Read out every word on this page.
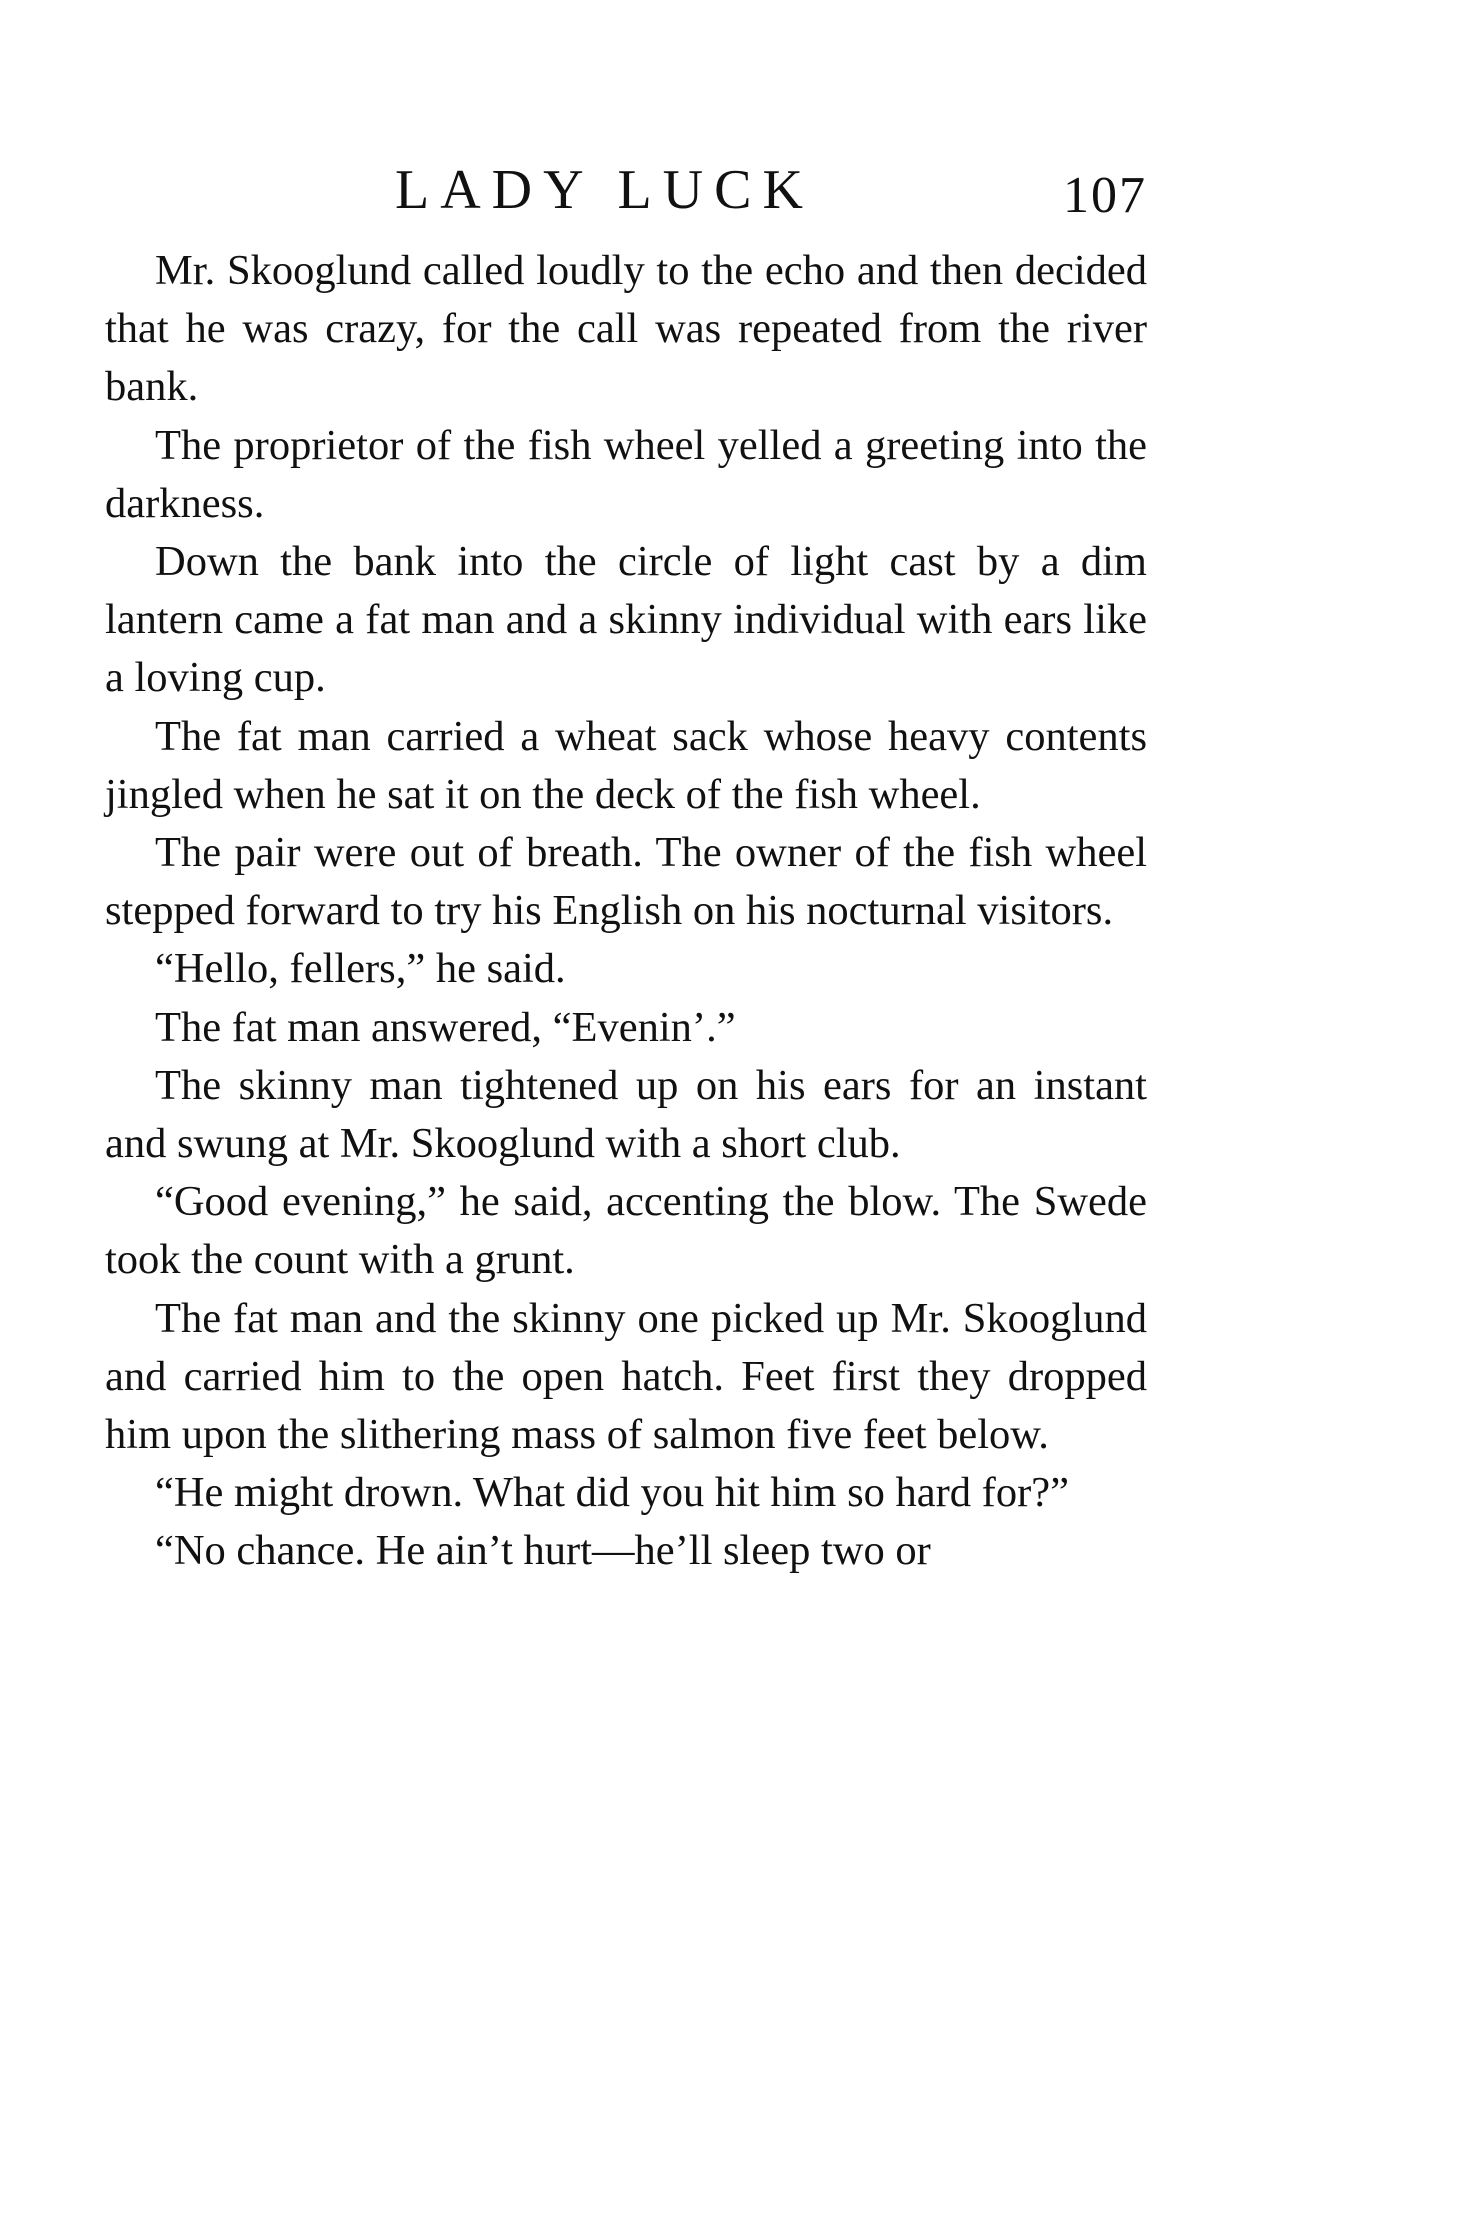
LADY LUCK	107

Mr. Skooglund called loudly to the echo and then decided that he was crazy, for the call was repeated from the river bank.

The proprietor of the fish wheel yelled a greeting into the darkness.

Down the bank into the circle of light cast by a dim lantern came a fat man and a skinny individual with ears like a loving cup.

The fat man carried a wheat sack whose heavy contents jingled when he sat it on the deck of the fish wheel.

The pair were out of breath. The owner of the fish wheel stepped forward to try his English on his nocturnal visitors.

“Hello, fellers,” he said.

The fat man answered, “Evenin’.”

The skinny man tightened up on his ears for an instant and swung at Mr. Skooglund with a short club.

“Good evening,” he said, accenting the blow. The Swede took the count with a grunt.

The fat man and the skinny one picked up Mr. Skooglund and carried him to the open hatch. Feet first they dropped him upon the slithering mass of salmon five feet below.

“He might drown. What did you hit him so hard for?”

“No chance. He ain’t hurt—he’ll sleep two or
